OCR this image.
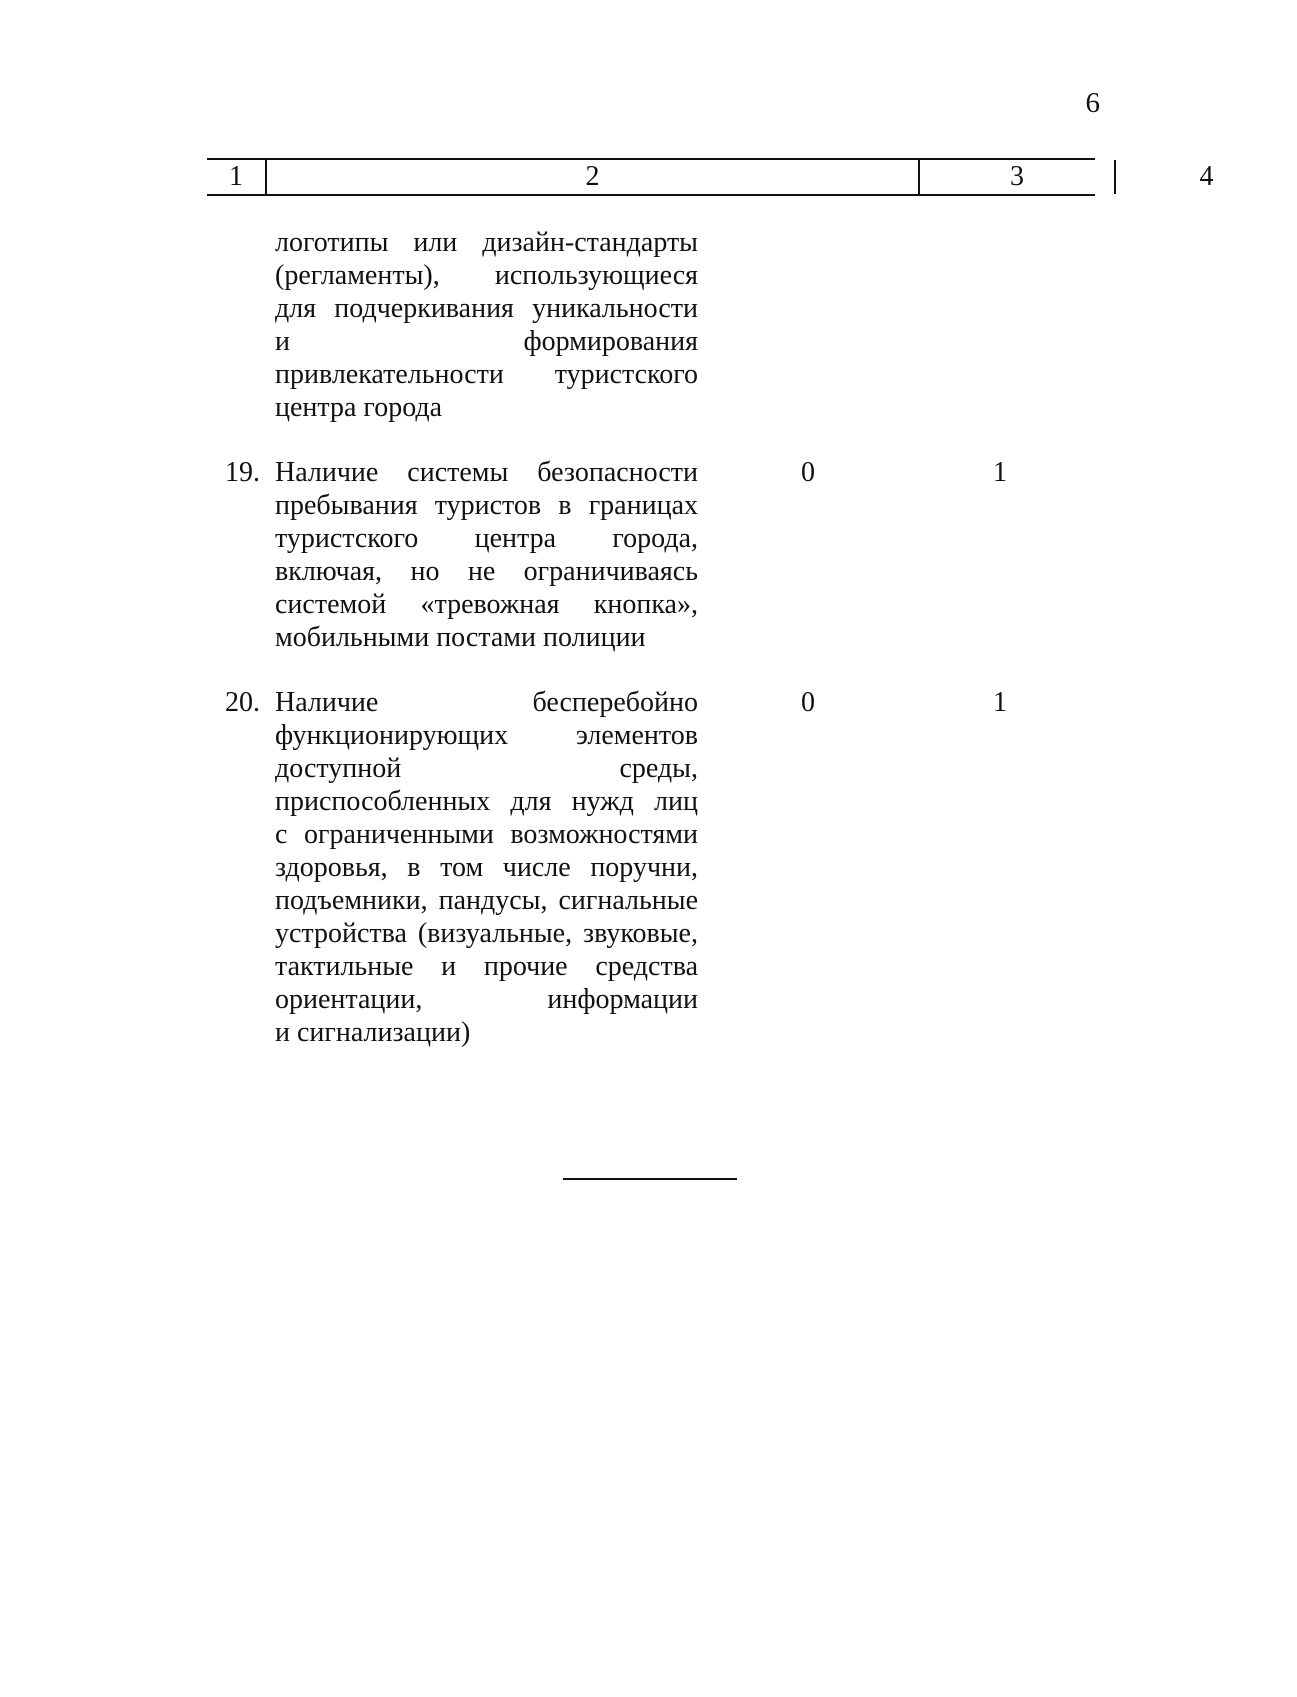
6
1	2	3	4
логотипы или дизайн-стандарты
(регламенты), использующиеся
для подчеркивания уникальности
и формирования
привлекательности туристского
центра города
19. Наличие системы безопасности
пребывания туристов в границах
туристского центра города,
включая, но не ограничиваясь
системой «тревожная кнопка»,
мобильными постами полиции
0	1
20. Наличие бесперебойно
функционирующих элементов
доступной среды,
приспособленных для нужд лиц
с ограниченными возможностями
здоровья, в том числе поручни,
подъемники, пандусы, сигнальные
устройства (визуальные, звуковые,
тактильные и прочие средства
ориентации, информации
и сигнализации)
0	1
